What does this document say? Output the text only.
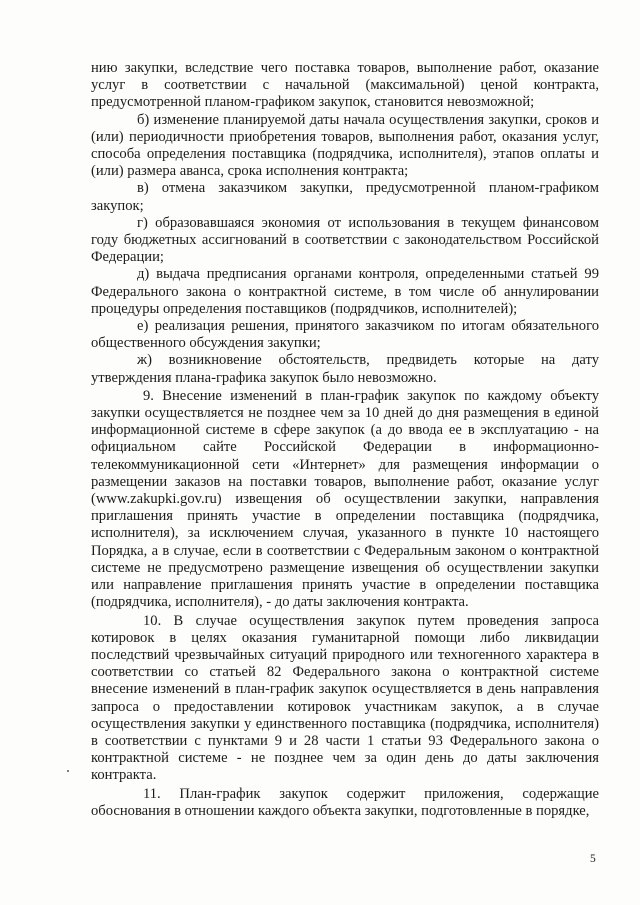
нию закупки, вследствие чего поставка товаров, выполнение работ, оказание услуг в соответствии с начальной (максимальной) ценой контракта, предусмотренной планом-графиком закупок, становится невозможной;

б) изменение планируемой даты начала осуществления закупки, сроков и (или) периодичности приобретения товаров, выполнения работ, оказания услуг, способа определения поставщика (подрядчика, исполнителя), этапов оплаты и (или) размера аванса, срока исполнения контракта;

в) отмена заказчиком закупки, предусмотренной планом-графиком закупок;

г) образовавшаяся экономия от использования в текущем финансовом году бюджетных ассигнований в соответствии с законодательством Российской Федерации;

д) выдача предписания органами контроля, определенными статьей 99 Федерального закона о контрактной системе, в том числе об аннулировании процедуры определения поставщиков (подрядчиков, исполнителей);

е) реализация решения, принятого заказчиком по итогам обязательного общественного обсуждения закупки;

ж) возникновение обстоятельств, предвидеть которые на дату утверждения плана-графика закупок было невозможно.

9. Внесение изменений в план-график закупок по каждому объекту закупки осуществляется не позднее чем за 10 дней до дня размещения в единой информационной системе в сфере закупок (а до ввода ее в эксплуатацию - на официальном сайте Российской Федерации в информационно-телекоммуникационной сети «Интернет» для размещения информации о размещении заказов на поставки товаров, выполнение работ, оказание услуг (www.zakupki.gov.ru) извещения об осуществлении закупки, направления приглашения принять участие в определении поставщика (подрядчика, исполнителя), за исключением случая, указанного в пункте 10 настоящего Порядка, а в случае, если в соответствии с Федеральным законом о контрактной системе не предусмотрено размещение извещения об осуществлении закупки или направление приглашения принять участие в определении поставщика (подрядчика, исполнителя), - до даты заключения контракта.

10. В случае осуществления закупок путем проведения запроса котировок в целях оказания гуманитарной помощи либо ликвидации последствий чрезвычайных ситуаций природного или техногенного характера в соответствии со статьей 82 Федерального закона о контрактной системе внесение изменений в план-график закупок осуществляется в день направления запроса о предоставлении котировок участникам закупок, а в случае осуществления закупки у единственного поставщика (подрядчика, исполнителя) в соответствии с пунктами 9 и 28 части 1 статьи 93 Федерального закона о контрактной системе - не позднее чем за один день до даты заключения контракта.

11. План-график закупок содержит приложения, содержащие обоснования в отношении каждого объекта закупки, подготовленные в порядке,

5
